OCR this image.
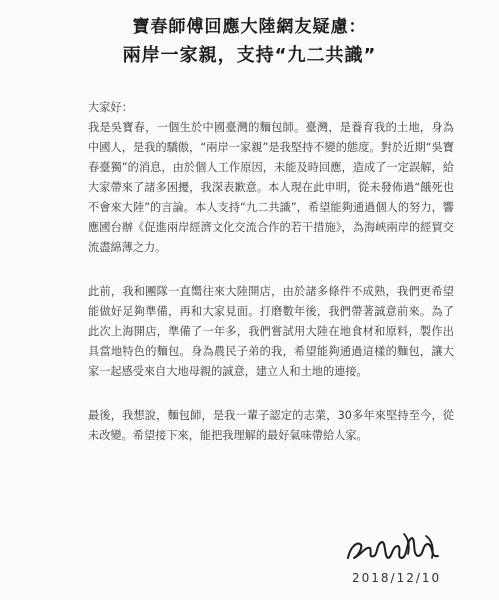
寶春師傅回應大陸網友疑慮：
兩岸一家親，支持“九二共識”
大家好：

我是吳寶春，一個生於中國臺灣的麵包師。臺灣，是養育我的土地，身為中國人，是我的驕傲，“兩岸一家親”是我堅持不變的態度。對於近期“吳寶春臺獨”的消息，由於個人工作原因，未能及時回應，造成了一定誤解，給大家帶來了諸多困擾，我深表歉意。本人現在此申明，從未發佈過“餓死也不會來大陸”的言論。本人支持“九二共識”，希望能夠通過個人的努力，響應國台辦《促進兩岸經濟文化交流合作的若干措施》，為海峽兩岸的經貿交流盡綿薄之力。

此前，我和團隊一直嚮往來大陸開店，由於諸多條件不成熟，我們更希望能做好足夠準備，再和大家見面。打磨數年後，我們帶著誠意前來。為了此次上海開店，準備了一年多，我們嘗試用大陸在地食材和原料，製作出具當地特色的麵包。身為農民子弟的我，希望能夠通過這樣的麵包，讓大家一起感受來自大地母親的誠意，建立人和土地的連接。

最後，我想說，麵包師，是我一輩子認定的志業，30多年來堅持至今，從未改變。希望接下來，能把我理解的最好氣味帶給人家。

2018/12/10
